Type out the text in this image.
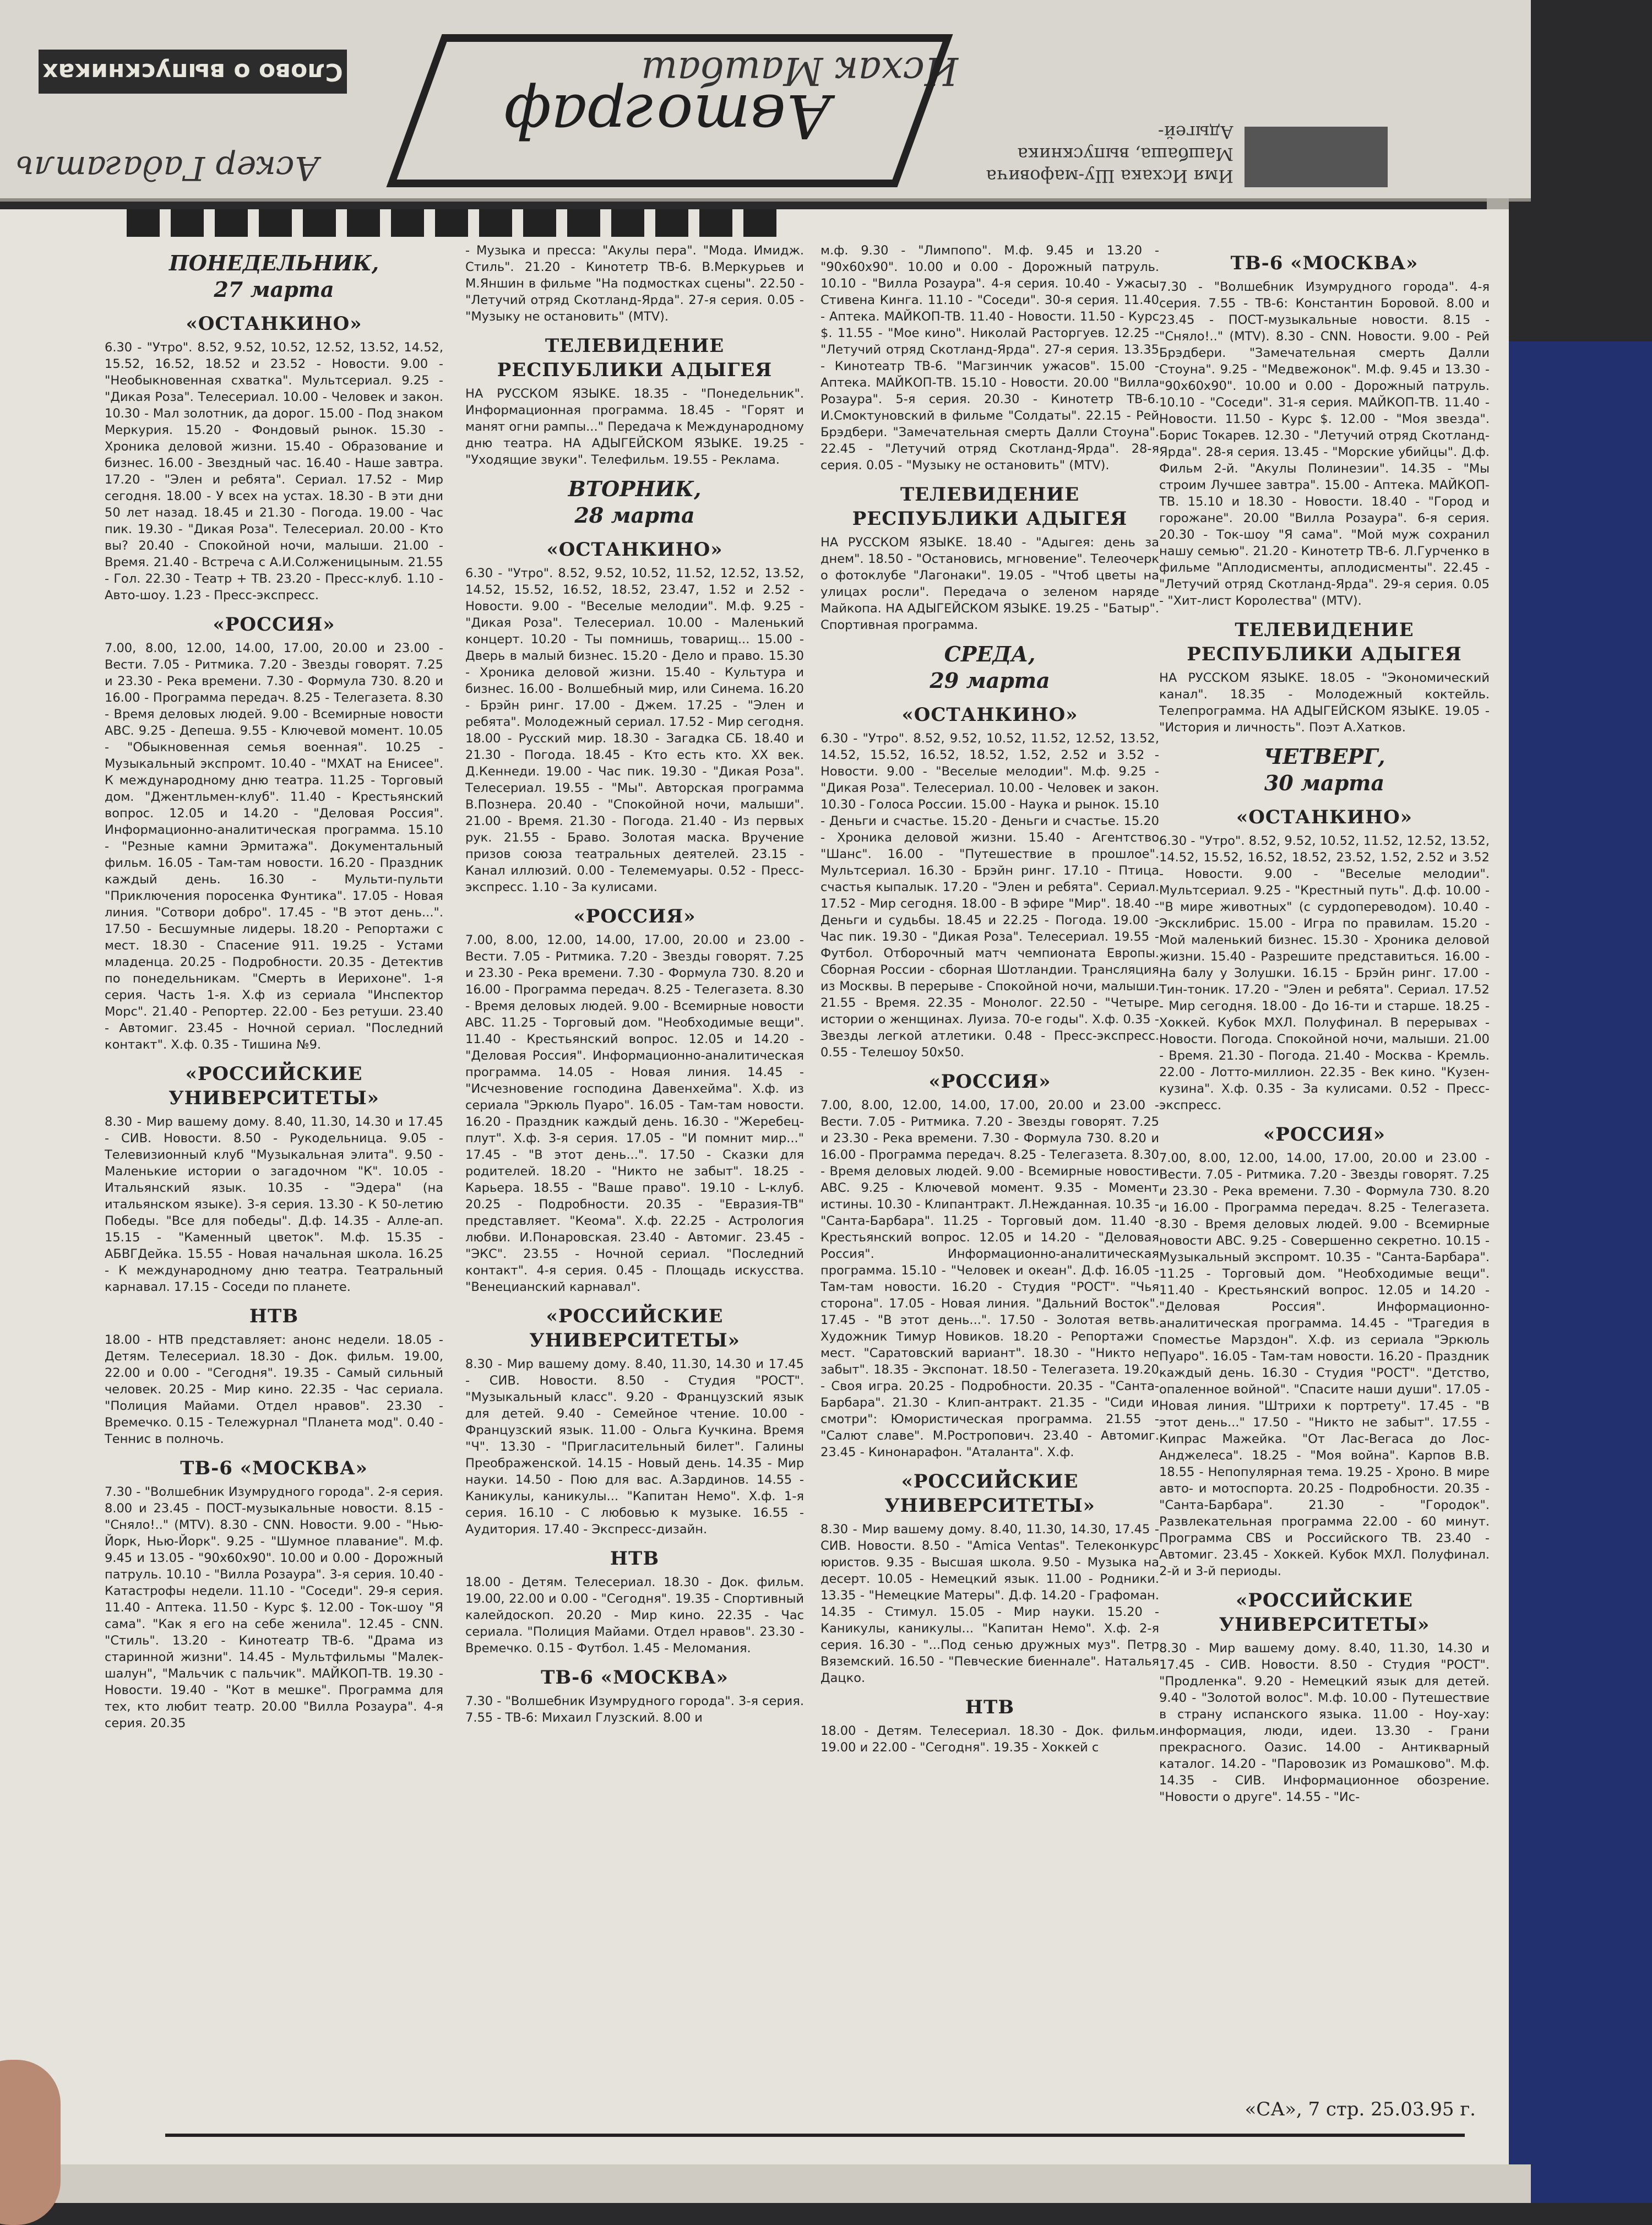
Имя Исхака Шу-мафовича Машбаша, выпускника Адыгей-
Исхак Машбаш
Автограф
Аскер Гадагатль
Слово о выпускниках
ПОНЕДЕЛЬНИК,
27 марта
«ОСТАНКИНО»
6.30 - "Утро". 8.52, 9.52, 10.52, 12.52, 13.52, 14.52, 15.52, 16.52, 18.52 и 23.52 - Новости. 9.00 - "Необыкновенная схватка". Мультсериал. 9.25 - "Дикая Роза". Телесериал. 10.00 - Человек и закон. 10.30 - Мал золотник, да дорог. 15.00 - Под знаком Меркурия. 15.20 - Фондовый рынок. 15.30 - Хроника деловой жизни. 15.40 - Образование и бизнес. 16.00 - Звездный час. 16.40 - Наше завтра. 17.20 - "Элен и ребята". Сериал. 17.52 - Мир сегодня. 18.00 - У всех на устах. 18.30 - В эти дни 50 лет назад. 18.45 и 21.30 - Погода. 19.00 - Час пик. 19.30 - "Дикая Роза". Телесериал. 20.00 - Кто вы? 20.40 - Спокойной ночи, малыши. 21.00 - Время. 21.40 - Встреча с А.И.Солженицыным. 21.55 - Гол. 22.30 - Театр + ТВ. 23.20 - Пресс-клуб. 1.10 - Авто-шоу. 1.23 - Пресс-экспресс.
«РОССИЯ»
7.00, 8.00, 12.00, 14.00, 17.00, 20.00 и 23.00 - Вести. 7.05 - Ритмика. 7.20 - Звезды говорят. 7.25 и 23.30 - Река времени. 7.30 - Формула 730. 8.20 и 16.00 - Программа передач. 8.25 - Телегазета. 8.30 - Время деловых людей. 9.00 - Всемирные новости АВС. 9.25 - Депеша. 9.55 - Ключевой момент. 10.05 - "Обыкновенная семья военная". 10.25 - Музыкальный экспромт. 10.40 - "МХАТ на Енисее". К международному дню театра. 11.25 - Торговый дом. "Джентльмен-клуб". 11.40 - Крестьянский вопрос. 12.05 и 14.20 - "Деловая Россия". Информационно-аналитическая программа. 15.10 - "Резные камни Эрмитажа". Документальный фильм. 16.05 - Там-там новости. 16.20 - Праздник каждый день. 16.30 - Мульти-пульти "Приключения поросенка Фунтика". 17.05 - Новая линия. "Сотвори добро". 17.45 - "В этот день...". 17.50 - Бесшумные лидеры. 18.20 - Репортажи с мест. 18.30 - Спасение 911. 19.25 - Устами младенца. 20.25 - Подробности. 20.35 - Детектив по понедельникам. "Смерть в Иерихоне". 1-я серия. Часть 1-я. Х.ф из сериала "Инспектор Морс". 21.40 - Репортер. 22.00 - Без ретуши. 23.40 - Автомиг. 23.45 - Ночной сериал. "Последний контакт". Х.ф. 0.35 - Тишина №9.
«РОССИЙСКИЕ УНИВЕРСИТЕТЫ»
8.30 - Мир вашему дому. 8.40, 11.30, 14.30 и 17.45 - СИВ. Новости. 8.50 - Рукодельница. 9.05 - Телевизионный клуб "Музыкальная элита". 9.50 - Маленькие истории о загадочном "К". 10.05 - Итальянский язык. 10.35 - "Эдера" (на итальянском языке). 3-я серия. 13.30 - К 50-летию Победы. "Все для победы". Д.ф. 14.35 - Алле-ап. 15.15 - "Каменный цветок". М.ф. 15.35 - АБВГДейка. 15.55 - Новая начальная школа. 16.25 - К международному дню театра. Театральный карнавал. 17.15 - Соседи по планете.
НТВ
18.00 - НТВ представляет: анонс недели. 18.05 - Детям. Телесериал. 18.30 - Док. фильм. 19.00, 22.00 и 0.00 - "Сегодня". 19.35 - Самый сильный человек. 20.25 - Мир кино. 22.35 - Час сериала. "Полиция Майами. Отдел нравов". 23.30 - Времечко. 0.15 - Тележурнал "Планета мод". 0.40 - Теннис в полночь.
ТВ-6 «МОСКВА»
7.30 - "Волшебник Изумрудного города". 2-я серия. 8.00 и 23.45 - ПОСТ-музыкальные новости. 8.15 - "Сняло!.." (MTV). 8.30 - CNN. Новости. 9.00 - "Нью-Йорк, Нью-Йорк". 9.25 - "Шумное плавание". М.ф. 9.45 и 13.05 - "90х60х90". 10.00 и 0.00 - Дорожный патруль. 10.10 - "Вилла Розаура". 3-я серия. 10.40 - Катастрофы недели. 11.10 - "Соседи". 29-я серия. 11.40 - Аптека. 11.50 - Курс $. 12.00 - Ток-шоу "Я сама". "Как я его на себе женила". 12.45 - CNN. "Стиль". 13.20 - Кинотеатр ТВ-6. "Драма из старинной жизни". 14.45 - Мультфильмы "Малек-шалун", "Мальчик с пальчик". МАЙКОП-ТВ. 19.30 - Новости. 19.40 - "Кот в мешке". Программа для тех, кто любит театр. 20.00 "Вилла Розаура". 4-я серия. 20.35
- Музыка и пресса: "Акулы пера". "Мода. Имидж. Стиль". 21.20 - Кинотетр ТВ-6. В.Меркурьев и М.Яншин в фильме "На подмостках сцены". 22.50 - "Летучий отряд Скотланд-Ярда". 27-я серия. 0.05 - "Музыку не остановить" (MTV).
ТЕЛЕВИДЕНИЕ РЕСПУБЛИКИ АДЫГЕЯ
НА РУССКОМ ЯЗЫКЕ. 18.35 - "Понедельник". Информационная программа. 18.45 - "Горят и манят огни рампы..." Передача к Международному дню театра. НА АДЫГЕЙСКОМ ЯЗЫКЕ. 19.25 - "Уходящие звуки". Телефильм. 19.55 - Реклама.
ВТОРНИК,
28 марта
«ОСТАНКИНО»
6.30 - "Утро". 8.52, 9.52, 10.52, 11.52, 12.52, 13.52, 14.52, 15.52, 16.52, 18.52, 23.47, 1.52 и 2.52 - Новости. 9.00 - "Веселые мелодии". М.ф. 9.25 - "Дикая Роза". Телесериал. 10.00 - Маленький концерт. 10.20 - Ты помнишь, товарищ... 15.00 - Дверь в малый бизнес. 15.20 - Дело и право. 15.30 - Хроника деловой жизни. 15.40 - Культура и бизнес. 16.00 - Волшебный мир, или Синема. 16.20 - Брэйн ринг. 17.00 - Джем. 17.25 - "Элен и ребята". Молодежный сериал. 17.52 - Мир сегодня. 18.00 - Русский мир. 18.30 - Загадка СБ. 18.40 и 21.30 - Погода. 18.45 - Кто есть кто. XX век. Д.Кеннеди. 19.00 - Час пик. 19.30 - "Дикая Роза". Телесериал. 19.55 - "Мы". Авторская программа В.Познера. 20.40 - "Спокойной ночи, малыши". 21.00 - Время. 21.30 - Погода. 21.40 - Из первых рук. 21.55 - Браво. Золотая маска. Вручение призов союза театральных деятелей. 23.15 - Канал иллюзий. 0.00 - Телемемуары. 0.52 - Пресс-экспресс. 1.10 - За кулисами.
«РОССИЯ»
7.00, 8.00, 12.00, 14.00, 17.00, 20.00 и 23.00 - Вести. 7.05 - Ритмика. 7.20 - Звезды говорят. 7.25 и 23.30 - Река времени. 7.30 - Формула 730. 8.20 и 16.00 - Программа передач. 8.25 - Телегазета. 8.30 - Время деловых людей. 9.00 - Всемирные новости АВС. 11.25 - Торговый дом. "Необходимые вещи". 11.40 - Крестьянский вопрос. 12.05 и 14.20 - "Деловая Россия". Информационно-аналитическая программа. 14.05 - Новая линия. 14.45 - "Исчезновение господина Давенхейма". Х.ф. из сериала "Эркюль Пуаро". 16.05 - Там-там новости. 16.20 - Праздник каждый день. 16.30 - "Жеребец-плут". Х.ф. 3-я серия. 17.05 - "И помнит мир..." 17.45 - "В этот день...". 17.50 - Сказки для родителей. 18.20 - "Никто не забыт". 18.25 - Карьера. 18.55 - "Ваше право". 19.10 - L-клуб. 20.25 - Подробности. 20.35 - "Евразия-ТВ" представляет. "Кеома". Х.ф. 22.25 - Астрология любви. И.Понаровская. 23.40 - Автомиг. 23.45 - "ЭКС". 23.55 - Ночной сериал. "Последний контакт". 4-я серия. 0.45 - Площадь искусства. "Венецианский карнавал".
«РОССИЙСКИЕ УНИВЕРСИТЕТЫ»
8.30 - Мир вашему дому. 8.40, 11.30, 14.30 и 17.45 - СИВ. Новости. 8.50 - Студия "РОСТ". "Музыкальный класс". 9.20 - Французский язык для детей. 9.40 - Семейное чтение. 10.00 - Французский язык. 11.00 - Ольга Кучкина. Время "Ч". 13.30 - "Пригласительный билет". Галины Преображенской. 14.15 - Новый день. 14.35 - Мир науки. 14.50 - Пою для вас. А.Зардинов. 14.55 - Каникулы, каникулы... "Капитан Немо". Х.ф. 1-я серия. 16.10 - С любовью к музыке. 16.55 - Аудитория. 17.40 - Экспресс-дизайн.
НТВ
18.00 - Детям. Телесериал. 18.30 - Док. фильм. 19.00, 22.00 и 0.00 - "Сегодня". 19.35 - Спортивный калейдоскоп. 20.20 - Мир кино. 22.35 - Час сериала. "Полиция Майами. Отдел нравов". 23.30 - Времечко. 0.15 - Футбол. 1.45 - Меломания.
ТВ-6 «МОСКВА»
7.30 - "Волшебник Изумрудного города". 3-я серия. 7.55 - ТВ-6: Михаил Глузский. 8.00 и
м.ф. 9.30 - "Лимпопо". М.ф. 9.45 и 13.20 - "90х60х90". 10.00 и 0.00 - Дорожный патруль. 10.10 - "Вилла Розаура". 4-я серия. 10.40 - Ужасы Стивена Кинга. 11.10 - "Соседи". 30-я серия. 11.40 - Аптека. МАЙКОП-ТВ. 11.40 - Новости. 11.50 - Курс $. 11.55 - "Мое кино". Николай Расторгуев. 12.25 - "Летучий отряд Скотланд-Ярда". 27-я серия. 13.35 - Кинотеатр ТВ-6. "Магзинчик ужасов". 15.00 - Аптека. МАЙКОП-ТВ. 15.10 - Новости. 20.00 "Вилла Розаура". 5-я серия. 20.30 - Кинотетр ТВ-6. И.Смоктуновский в фильме "Солдаты". 22.15 - Рей Брэдбери. "Замечательная смерть Далли Стоуна". 22.45 - "Летучий отряд Скотланд-Ярда". 28-я серия. 0.05 - "Музыку не остановить" (MTV).
ТЕЛЕВИДЕНИЕ РЕСПУБЛИКИ АДЫГЕЯ
НА РУССКОМ ЯЗЫКЕ. 18.40 - "Адыгея: день за днем". 18.50 - "Остановись, мгновение". Телеочерк о фотоклубе "Лагонаки". 19.05 - "Чтоб цветы на улицах росли". Передача о зеленом наряде Майкопа. НА АДЫГЕЙСКОМ ЯЗЫКЕ. 19.25 - "Батыр". Спортивная программа.
СРЕДА,
29 марта
«ОСТАНКИНО»
6.30 - "Утро". 8.52, 9.52, 10.52, 11.52, 12.52, 13.52, 14.52, 15.52, 16.52, 18.52, 1.52, 2.52 и 3.52 - Новости. 9.00 - "Веселые мелодии". М.ф. 9.25 - "Дикая Роза". Телесериал. 10.00 - Человек и закон. 10.30 - Голоса России. 15.00 - Наука и рынок. 15.10 - Деньги и счастье. 15.20 - Деньги и счастье. 15.20 - Хроника деловой жизни. 15.40 - Агентство "Шанс". 16.00 - "Путешествие в прошлое". Мультсериал. 16.30 - Брэйн ринг. 17.10 - Птица счастья кыпалык. 17.20 - "Элен и ребята". Сериал. 17.52 - Мир сегодня. 18.00 - В эфире "Мир". 18.40 - Деньги и судьбы. 18.45 и 22.25 - Погода. 19.00 - Час пик. 19.30 - "Дикая Роза". Телесериал. 19.55 - Футбол. Отборочный матч чемпионата Европы. Сборная России - сборная Шотландии. Трансляция из Москвы. В перерыве - Спокойной ночи, малыши. 21.55 - Время. 22.35 - Монолог. 22.50 - "Четыре истории о женщинах. Луиза. 70-е годы". Х.ф. 0.35 - Звезды легкой атлетики. 0.48 - Пресс-экспресс. 0.55 - Телешоу 50х50.
«РОССИЯ»
7.00, 8.00, 12.00, 14.00, 17.00, 20.00 и 23.00 - Вести. 7.05 - Ритмика. 7.20 - Звезды говорят. 7.25 и 23.30 - Река времени. 7.30 - Формула 730. 8.20 и 16.00 - Программа передач. 8.25 - Телегазета. 8.30 - Время деловых людей. 9.00 - Всемирные новости АВС. 9.25 - Ключевой момент. 9.35 - Момент истины. 10.30 - Клипантракт. Л.Нежданная. 10.35 - "Санта-Барбара". 11.25 - Торговый дом. 11.40 - Крестьянский вопрос. 12.05 и 14.20 - "Деловая Россия". Информационно-аналитическая программа. 15.10 - "Человек и океан". Д.ф. 16.05 - Там-там новости. 16.20 - Студия "РОСТ". "Чья сторона". 17.05 - Новая линия. "Дальний Восток". 17.45 - "В этот день...". 17.50 - Золотая ветвь. Художник Тимур Новиков. 18.20 - Репортажи с мест. "Саратовский вариант". 18.30 - "Никто не забыт". 18.35 - Экспонат. 18.50 - Телегазета. 19.20 - Своя игра. 20.25 - Подробности. 20.35 - "Санта-Барбара". 21.30 - Клип-антракт. 21.35 - "Сиди и смотри": Юмористическая программа. 21.55 - "Салют славе". М.Ростропович. 23.40 - Автомиг. 23.45 - Кинонарафон. "Аталанта". Х.ф.
«РОССИЙСКИЕ УНИВЕРСИТЕТЫ»
8.30 - Мир вашему дому. 8.40, 11.30, 14.30, 17.45 - СИВ. Новости. 8.50 - "Amica Ventas". Телеконкурс юристов. 9.35 - Высшая школа. 9.50 - Музыка на десерт. 10.05 - Немецкий язык. 11.00 - Родники. 13.35 - "Немецкие Матеры". Д.ф. 14.20 - Графоман. 14.35 - Стимул. 15.05 - Мир науки. 15.20 - Каникулы, каникулы... "Капитан Немо". Х.ф. 2-я серия. 16.30 - "...Под сенью дружных муз". Петр Вяземский. 16.50 - "Певческие биеннале". Наталья Дацко.
НТВ
18.00 - Детям. Телесериал. 18.30 - Док. фильм. 19.00 и 22.00 - "Сегодня". 19.35 - Хоккей с
ТВ-6 «МОСКВА»
7.30 - "Волшебник Изумрудного города". 4-я серия. 7.55 - ТВ-6: Константин Боровой. 8.00 и 23.45 - ПОСТ-музыкальные новости. 8.15 - "Сняло!.." (MTV). 8.30 - CNN. Новости. 9.00 - Рей Брэдбери. "Замечательная смерть Далли Стоуна". 9.25 - "Медвежонок". М.ф. 9.45 и 13.30 - "90х60х90". 10.00 и 0.00 - Дорожный патруль. 10.10 - "Соседи". 31-я серия. МАЙКОП-ТВ. 11.40 - Новости. 11.50 - Курс $. 12.00 - "Моя звезда". Борис Токарев. 12.30 - "Летучий отряд Скотланд-Ярда". 28-я серия. 13.45 - "Морские убийцы". Д.ф. Фильм 2-й. "Акулы Полинезии". 14.35 - "Мы строим Лучшее завтра". 15.00 - Аптека. МАЙКОП-ТВ. 15.10 и 18.30 - Новости. 18.40 - "Город и горожане". 20.00 "Вилла Розаура". 6-я серия. 20.30 - Ток-шоу "Я сама". "Мой муж сохранил нашу семью". 21.20 - Кинотетр ТВ-6. Л.Гурченко в фильме "Аплодисменты, аплодисменты". 22.45 - "Летучий отряд Скотланд-Ярда". 29-я серия. 0.05 - "Хит-лист Королества" (MTV).
ТЕЛЕВИДЕНИЕ РЕСПУБЛИКИ АДЫГЕЯ
НА РУССКОМ ЯЗЫКЕ. 18.05 - "Экономический канал". 18.35 - Молодежный коктейль. Телепрограмма. НА АДЫГЕЙСКОМ ЯЗЫКЕ. 19.05 - "История и личность". Поэт А.Хатков.
ЧЕТВЕРГ,
30 марта
«ОСТАНКИНО»
6.30 - "Утро". 8.52, 9.52, 10.52, 11.52, 12.52, 13.52, 14.52, 15.52, 16.52, 18.52, 23.52, 1.52, 2.52 и 3.52 - Новости. 9.00 - "Веселые мелодии". Мультсериал. 9.25 - "Крестный путь". Д.ф. 10.00 - "В мире животных" (с сурдопереводом). 10.40 - Эксклибрис. 15.00 - Игра по правилам. 15.20 - Мой маленький бизнес. 15.30 - Хроника деловой жизни. 15.40 - Разрешите представиться. 16.00 - На балу у Золушки. 16.15 - Брэйн ринг. 17.00 - Тин-тоник. 17.20 - "Элен и ребята". Сериал. 17.52 - Мир сегодня. 18.00 - До 16-ти и старше. 18.25 - Хоккей. Кубок МХЛ. Полуфинал. В перерывах - Новости. Погода. Спокойной ночи, малыши. 21.00 - Время. 21.30 - Погода. 21.40 - Москва - Кремль. 22.00 - Лотто-миллион. 22.35 - Век кино. "Кузен-кузина". Х.ф. 0.35 - За кулисами. 0.52 - Пресс-экспресс.
«РОССИЯ»
7.00, 8.00, 12.00, 14.00, 17.00, 20.00 и 23.00 - Вести. 7.05 - Ритмика. 7.20 - Звезды говорят. 7.25 и 23.30 - Река времени. 7.30 - Формула 730. 8.20 и 16.00 - Программа передач. 8.25 - Телегазета. 8.30 - Время деловых людей. 9.00 - Всемирные новости АВС. 9.25 - Совершенно секретно. 10.15 - Музыкальный экспромт. 10.35 - "Санта-Барбара". 11.25 - Торговый дом. "Необходимые вещи". 11.40 - Крестьянский вопрос. 12.05 и 14.20 - "Деловая Россия". Информационно-аналитическая программа. 14.45 - "Трагедия в поместье Марздон". Х.ф. из сериала "Эркюль Пуаро". 16.05 - Там-там новости. 16.20 - Праздник каждый день. 16.30 - Студия "РОСТ". "Детство, опаленное войной". "Спасите наши души". 17.05 - Новая линия. "Штрихи к портрету". 17.45 - "В этот день..." 17.50 - "Никто не забыт". 17.55 - Кипрас Мажейка. "От Лас-Вегаса до Лос-Анджелеса". 18.25 - "Моя война". Карпов В.В. 18.55 - Непопулярная тема. 19.25 - Хроно. В мире авто- и мотоспорта. 20.25 - Подробности. 20.35 - "Санта-Барбара". 21.30 - "Городок". Развлекательная программа 22.00 - 60 минут. Программа CBS и Российского ТВ. 23.40 - Автомиг. 23.45 - Хоккей. Кубок МХЛ. Полуфинал. 2-й и 3-й периоды.
«РОССИЙСКИЕ УНИВЕРСИТЕТЫ»
8.30 - Мир вашему дому. 8.40, 11.30, 14.30 и 17.45 - СИВ. Новости. 8.50 - Студия "РОСТ". "Продленка". 9.20 - Немецкий язык для детей. 9.40 - "Золотой волос". М.ф. 10.00 - Путешествие в страну испанского языка. 11.00 - Ноу-хау: информация, люди, идеи. 13.30 - Грани прекрасного. Оазис. 14.00 - Антикварный каталог. 14.20 - "Паровозик из Ромашково". М.ф. 14.35 - СИВ. Информационное обозрение. "Новости о друге". 14.55 - "Ис-
«СА», 7 стр. 25.03.95 г.
